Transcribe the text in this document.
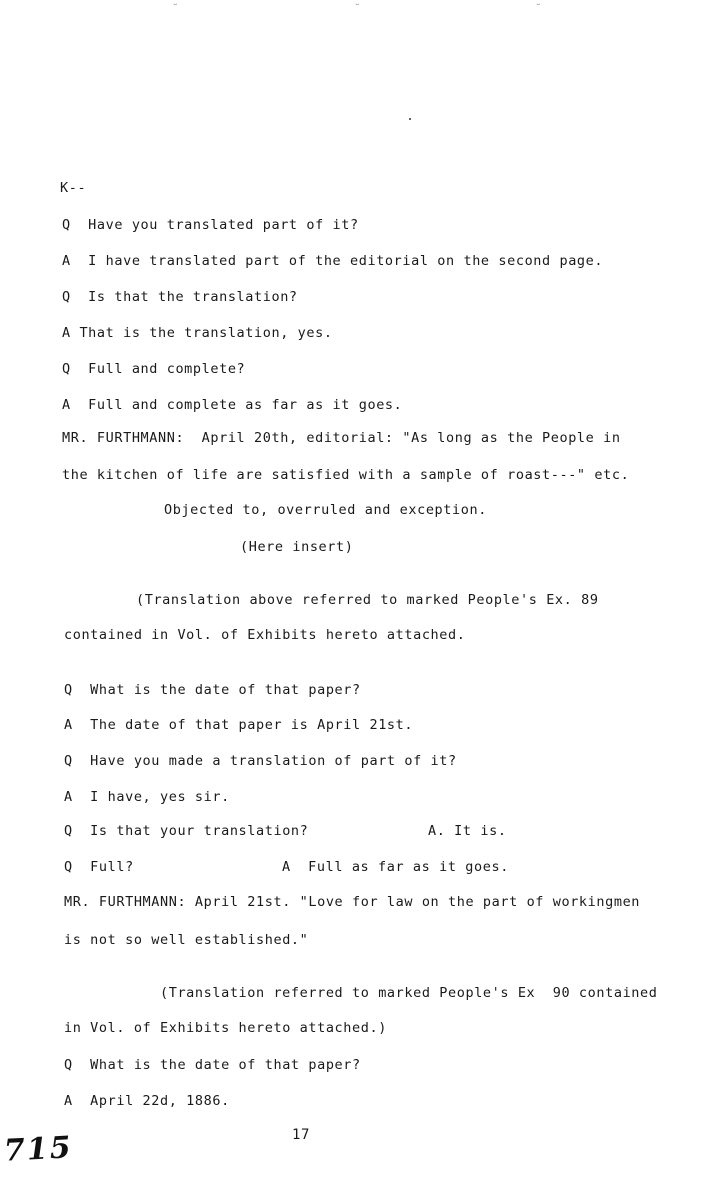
˘	˘	˘
K--
Q  Have you translated part of it?
A  I have translated part of the editorial on the second page.
Q  Is that the translation?
A That is the translation, yes.
Q  Full and complete?
A  Full and complete as far as it goes.
MR. FURTHMANN:  April 20th, editorial: "As long as the People in
the kitchen of life are satisfied with a sample of roast---" etc.
Objected to, overruled and exception.
(Here insert)
(Translation above referred to marked People's Ex. 89
contained in Vol. of Exhibits hereto attached.
Q  What is the date of that paper?
A  The date of that paper is April 21st.
Q  Have you made a translation of part of it?
A  I have, yes sir.
Q  Is that your translation?	A. It is.
Q  Full?	A  Full as far as it goes.
MR. FURTHMANN: April 21st. "Love for law on the part of workingmen
is not so well established."
(Translation referred to marked People's Ex  90 contained
in Vol. of Exhibits hereto attached.)
Q  What is the date of that paper?
A  April 22d, 1886.
17
715
